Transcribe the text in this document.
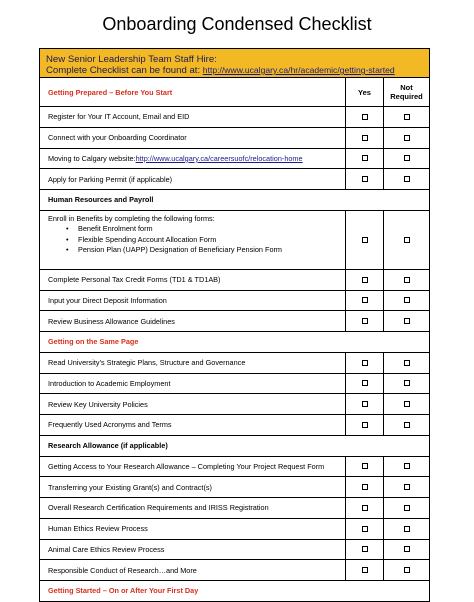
Onboarding Condensed Checklist
New Senior Leadership Team Staff Hire:
Complete Checklist can be found at: http://www.ucalgary.ca/hr/academic/getting-started
Getting Prepared – Before You Start	Yes	Not
Required
Register for Your IT Account, Email and EID
Connect with your Onboarding Coordinator
Moving to Calgary website: http://www.ucalgary.ca/careersuofc/relocation-home
Apply for Parking Permit (if applicable)
Human Resources and Payroll
Enroll in Benefits by completing the following forms:
• Benefit Enrolment form
• Flexible Spending Account Allocation Form
• Pension Plan (UAPP) Designation of Beneficiary Pension Form
Complete Personal Tax Credit Forms (TD1 & TD1AB)
Input your Direct Deposit Information
Review Business Allowance Guidelines
Getting on the Same Page
Read University’s Strategic Plans, Structure and Governance
Introduction to Academic Employment
Review Key University Policies
Frequently Used Acronyms and Terms
Research Allowance (if applicable)
Getting Access to Your Research Allowance – Completing Your Project Request Form
Transferring your Existing Grant(s) and Contract(s)
Overall Research Certification Requirements and IRISS Registration
Human Ethics Review Process
Animal Care Ethics Review Process
Responsible Conduct of Research…and More
Getting Started – On or After Your First Day
